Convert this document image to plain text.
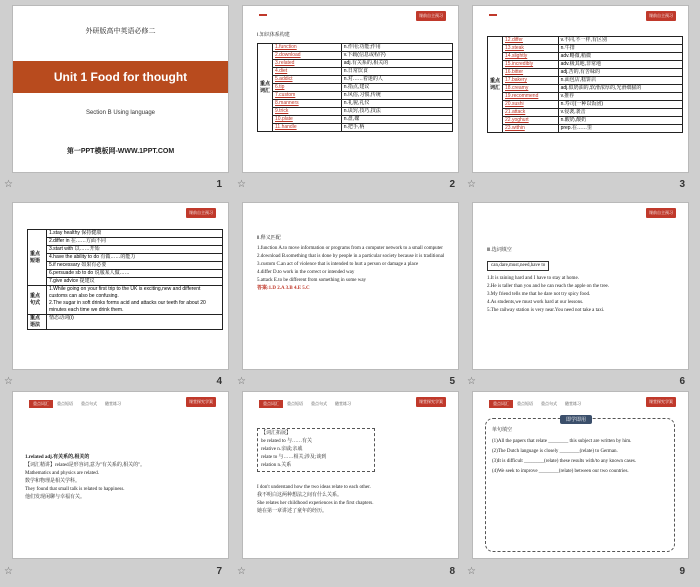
外研版高中英语必修二
Unit 1 Food for thought
Section B Using language
第一PPT模板网-WWW.1PPT.COM
☆	1
课前自主预习
Ⅰ.知识体系构建
重点词汇	1.function	n.作用;功能;作用
	2.download	v.下载(信息或程序)
	3.related	adj.有关系的,相关的
	4.diet	n.日常饮食
	5.addict	n.对……着迷的人
	6.tip	n.指点,建议
	7.custom	n.风俗,习惯,传统
	8.manners	n.礼貌,礼仪
	9.trick	n.诀窍,技巧,技法
	10.plate	n.盘,碟
	11.handle	n.把手,柄
☆	2
课前自主预习
重点词汇	12.differ	v.不同,不一样,有区别
	13.steak	n.牛排
	14.slightly	adv.略微,稍微
	15.incredibly	adv.极其地,非常地
	16.bitter	adj.苦的,有苦味的
	17.bakery	n.面包店,糕饼店
	18.creamy	adj.似奶油的,软滑浓厚的,光滑细腻的
	19.recommend	v.推荐
	20.sushi	n.寿司(一种以饭团)
	21.attack	v.侵袭,袭击
	22.yoghurt	n.酸奶,酸奶
	23.within	prep.在……里
☆	3
课前自主预习
重点短语	1.stay healthy 保持健康
	2.differ in 在……方面不同
	3.start with 以……开始
	4.have the ability to do 有做……的能力
	5.if necessary 如果有必要
	6.persuade sb to do 说服某人做……
	7.give advice 提建议
重点句式	1.While going on your first trip to the UK is exciting,new and different customs can also be confusing.
2.The sugar in soft drinks forms acid and attacks our teeth for about 20 minutes each time we drink them.

重点语法	情态动词(Ⅰ)
☆	4
Ⅱ.释义匹配
1.function A.to move information or programs from a computer network to a small computer
2.download B.something that is done by people in a particular society because it is traditional
3.custom C.an act of violence that is intended to hurt a person or damage a place
4.differ D.to work in the correct or intended way
5.attack E.to be different from something in some way
答案:1.D 2.A 3.B 4.E 5.C
☆	5
课前自主预习
Ⅲ.选词填空
can,dare,must,need,have to
1.It is raining hard and I have to stay at home.
2.He is taller than you and he can reach the apple on the tree.
3.My friend tells me that he dare not try spicy food.
4.As students,we must work hard at our lessons.
5.The railway station is very near.You need not take a taxi.
☆	6
课堂探究学案
重点词汇	重点短语	重点句式	随堂练习
1.related adj.有关系的,相关的
【词汇精讲】related是形容词,意为"有关系的,相关的"。
Mathematics and physics are related.
数学和物理是相关学科。
They found that small talk is related to happiness.
他们发现闲聊与幸福有关。
☆	7
课堂探究学案
重点词汇	重点短语	重点句式	随堂练习
【词汇拓展】
be related to 与……有关
relative n.亲戚;亲戚
relate to 与……相关;涉及;谈到
relation n.关系
I don't understand how the two ideas relate to each other.
我不明白这两种想法之间有什么关系。
She relates her childhood experiences in the first chapters.
她在第一章讲述了童年的经历。
☆	8
课堂探究学案
重点词汇	重点短语	重点句式	随堂练习
即学即用
单句填空
(1)All the papers that relate ________ this subject are written by him.
(2)The Dutch language is closely ________(relate) to German.
(3)It is difficult ________(relate) these results with/to any known cases.
(4)We seek to improve ________(relate) between our two countries.
☆	9
